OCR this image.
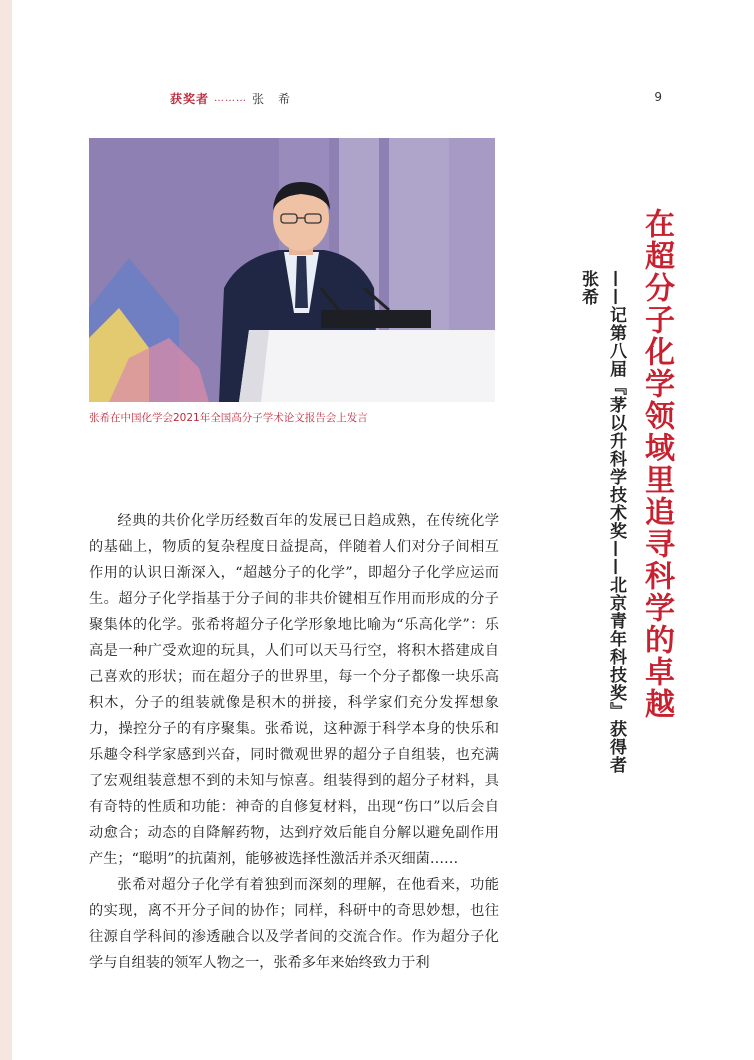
获奖者 ……… 张希	9
张希在中国化学会2021年全国高分子学术论文报告会上发言	在超分子化学领域里追寻科学的卓越
——记第八届『茅以升科学技术奖——北京青年科技奖』获得者张希

经典的共价化学历经数百年的发展已日趋成熟，在传统化学的基础上，物质的复杂程度日益提高，伴随着人们对分子间相互作用的认识日渐深入，“超越分子的化学”，即超分子化学应运而生。超分子化学指基于分子间的非共价键相互作用而形成的分子聚集体的化学。张希将超分子化学形象地比喻为“乐高化学”：乐高是一种广受欢迎的玩具，人们可以天马行空，将积木搭建成自己喜欢的形状；而在超分子的世界里，每一个分子都像一块乐高积木，分子的组装就像是积木的拼接，科学家们充分发挥想象力，操控分子的有序聚集。张希说，这种源于科学本身的快乐和乐趣令科学家感到兴奋，同时微观世界的超分子自组装，也充满了宏观组装意想不到的未知与惊喜。组装得到的超分子材料，具有奇特的性质和功能：神奇的自修复材料，出现“伤口”以后会自动愈合；动态的自降解药物，达到疗效后能自分解以避免副作用产生；“聪明”的抗菌剂，能够被选择性激活并杀灭细菌……

张希对超分子化学有着独到而深刻的理解，在他看来，功能的实现，离不开分子间的协作；同样，科研中的奇思妙想，也往往源自学科间的渗透融合以及学者间的交流合作。作为超分子化学与自组装的领军人物之一，张希多年来始终致力于利
